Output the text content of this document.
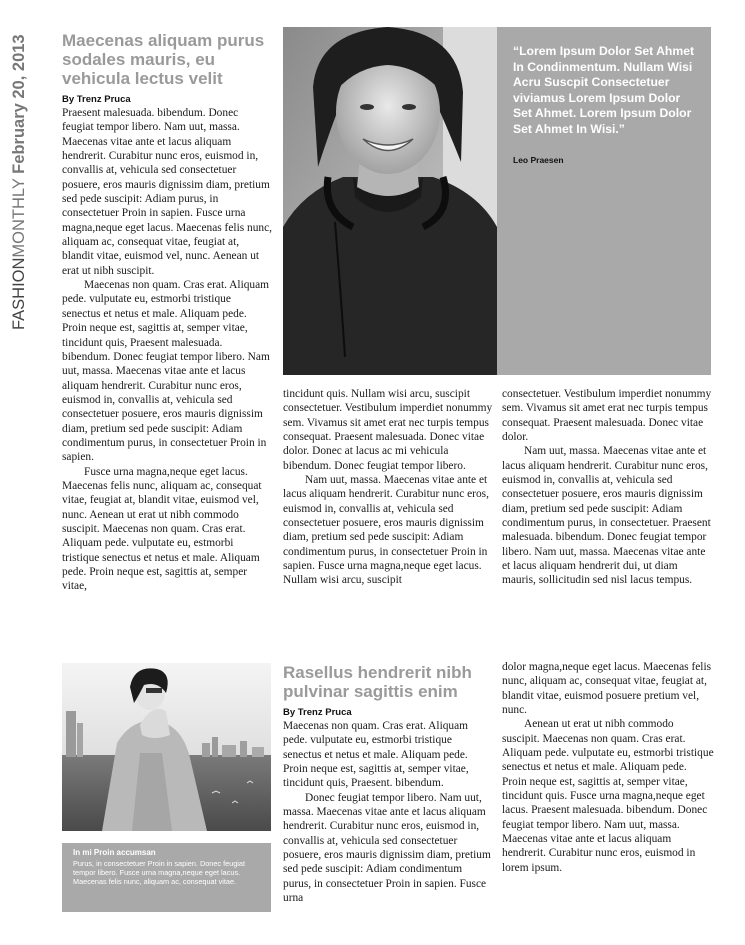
FASHIONMONTHLY February 20, 2013 Maecenas aliquam purus sodales mauris, eu vehicula lectus velit
By Trenz Pruca

Praesent malesuada. bibendum. Donec feugiat tempor libero. Nam uut, massa. Maecenas vitae ante et lacus aliquam hendrerit. Curabitur nunc eros, euismod in, convallis at, vehicula sed consectetuer posuere, eros mauris dignissim diam, pretium sed pede suscipit: Adiam purus, in consectetuer Proin in sapien. Fusce urna magna,neque eget lacus. Maecenas felis nunc, aliquam ac, consequat vitae, feugiat at, blandit vitae, euismod vel, nunc. Aenean ut erat ut nibh suscipit.

Maecenas non quam. Cras erat. Aliquam pede. vulputate eu, estmorbi tristique senectus et netus et male. Aliquam pede. Proin neque est, sagittis at, semper vitae, tincidunt quis, Praesent malesuada. bibendum. Donec feugiat tempor libero. Nam uut, massa. Maecenas vitae ante et lacus aliquam hendrerit. Curabitur nunc eros, euismod in, convallis at, vehicula sed consectetuer posuere, eros mauris dignissim diam, pretium sed pede suscipit: Adiam condimentum purus, in consectetuer Proin in sapien.

Fusce urna magna,neque eget lacus. Maecenas felis nunc, aliquam ac, consequat vitae, feugiat at, blandit vitae, euismod vel, nunc. Aenean ut erat ut nibh commodo suscipit. Maecenas non quam. Cras erat. Aliquam pede. vulputate eu, estmorbi tristique senectus et netus et male. Aliquam pede. Proin neque est, sagittis at, semper vitae,

“Lorem Ipsum Dolor Set Ahmet In Condinmentum. Nullam Wisi Acru Suscpit Consectetuer viviamus Lorem Ipsum Dolor Set Ahmet. Lorem Ipsum Dolor Set Ahmet In Wisi.”

Leo Praesen

tincidunt quis. Nullam wisi arcu, suscipit consectetuer. Vestibulum imperdiet nonummy sem. Vivamus sit amet erat nec turpis tempus consequat. Praesent malesuada. Donec vitae dolor. Donec at lacus ac mi vehicula bibendum. Donec feugiat tempor libero.

Nam uut, massa. Maecenas vitae ante et lacus aliquam hendrerit. Curabitur nunc eros, euismod in, convallis at, vehicula sed consectetuer posuere, eros mauris dignissim diam, pretium sed pede suscipit: Adiam condimentum purus, in consectetuer Proin in sapien. Fusce urna magna,neque eget lacus. Nullam wisi arcu, suscipit

consectetuer. Vestibulum imperdiet nonummy sem. Vivamus sit amet erat nec turpis tempus consequat. Praesent malesuada. Donec vitae dolor.

Nam uut, massa. Maecenas vitae ante et lacus aliquam hendrerit. Curabitur nunc eros, euismod in, convallis at, vehicula sed consectetuer posuere, eros mauris dignissim diam, pretium sed pede suscipit: Adiam condimentum purus, in consectetuer. Praesent malesuada. bibendum. Donec feugiat tempor libero. Nam uut, massa. Maecenas vitae ante et lacus aliquam hendrerit dui, ut diam mauris, sollicitudin sed nisl lacus tempus.

In mi Proin accumsan

Purus, in consectetuer Proin in sapien. Donec feugiat tempor libero. Fusce urna magna,neque eget lacus. Maecenas felis nunc, aliquam ac, consequat vitae.

Rasellus hendrerit nibh pulvinar sagittis enim
By Trenz Pruca

Maecenas non quam. Cras erat. Aliquam pede. vulputate eu, estmorbi tristique senectus et netus et male. Aliquam pede. Proin neque est, sagittis at, semper vitae, tincidunt quis, Praesent. bibendum.

Donec feugiat tempor libero. Nam uut, massa. Maecenas vitae ante et lacus aliquam hendrerit. Curabitur nunc eros, euismod in, convallis at, vehicula sed consectetuer posuere, eros mauris dignissim diam, pretium sed pede suscipit: Adiam condimentum purus, in consectetuer Proin in sapien. Fusce urna

dolor magna,neque eget lacus. Maecenas felis nunc, aliquam ac, consequat vitae, feugiat at, blandit vitae, euismod posuere pretium vel, nunc.

Aenean ut erat ut nibh commodo suscipit. Maecenas non quam. Cras erat. Aliquam pede. vulputate eu, estmorbi tristique senectus et netus et male. Aliquam pede. Proin neque est, sagittis at, semper vitae, tincidunt quis. Fusce urna magna,neque eget lacus. Praesent malesuada. bibendum. Donec feugiat tempor libero. Nam uut, massa. Maecenas vitae ante et lacus aliquam hendrerit. Curabitur nunc eros, euismod in lorem ipsum.
